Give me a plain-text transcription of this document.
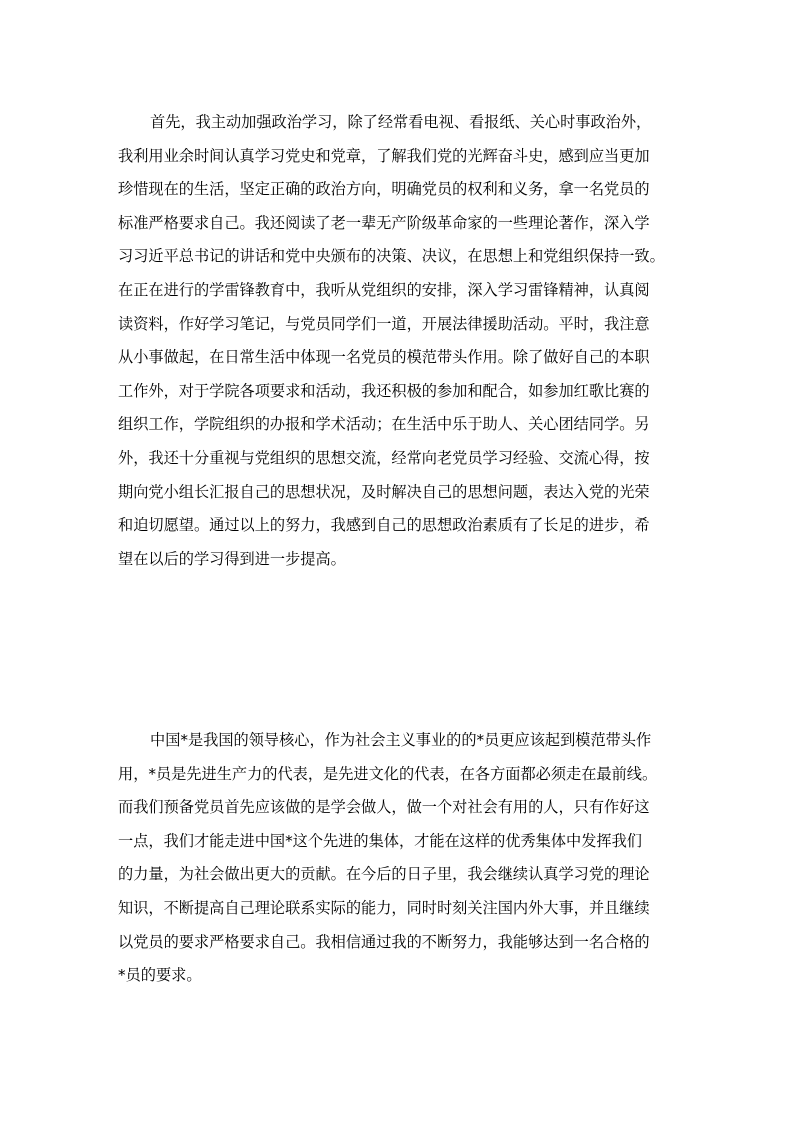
首先，我主动加强政治学习，除了经常看电视、看报纸、关心时事政治外，
我利用业余时间认真学习党史和党章，了解我们党的光辉奋斗史，感到应当更加
珍惜现在的生活，坚定正确的政治方向，明确党员的权利和义务，拿一名党员的
标准严格要求自己。我还阅读了老一辈无产阶级革命家的一些理论著作，深入学
习习近平总书记的讲话和党中央颁布的决策、决议，在思想上和党组织保持一致。
在正在进行的学雷锋教育中，我听从党组织的安排，深入学习雷锋精神，认真阅
读资料，作好学习笔记，与党员同学们一道，开展法律援助活动。平时，我注意
从小事做起，在日常生活中体现一名党员的模范带头作用。除了做好自己的本职
工作外，对于学院各项要求和活动，我还积极的参加和配合，如参加红歌比赛的
组织工作，学院组织的办报和学术活动；在生活中乐于助人、关心团结同学。另
外，我还十分重视与党组织的思想交流，经常向老党员学习经验、交流心得，按
期向党小组长汇报自己的思想状况，及时解决自己的思想问题，表达入党的光荣
和迫切愿望。通过以上的努力，我感到自己的思想政治素质有了长足的进步，希
望在以后的学习得到进一步提高。
中国*是我国的领导核心，作为社会主义事业的的*员更应该起到模范带头作
用，*员是先进生产力的代表，是先进文化的代表，在各方面都必须走在最前线。
而我们预备党员首先应该做的是学会做人，做一个对社会有用的人，只有作好这
一点，我们才能走进中国*这个先进的集体，才能在这样的优秀集体中发挥我们
的力量，为社会做出更大的贡献。在今后的日子里，我会继续认真学习党的理论
知识，不断提高自己理论联系实际的能力，同时时刻关注国内外大事，并且继续
以党员的要求严格要求自己。我相信通过我的不断努力，我能够达到一名合格的
*员的要求。
